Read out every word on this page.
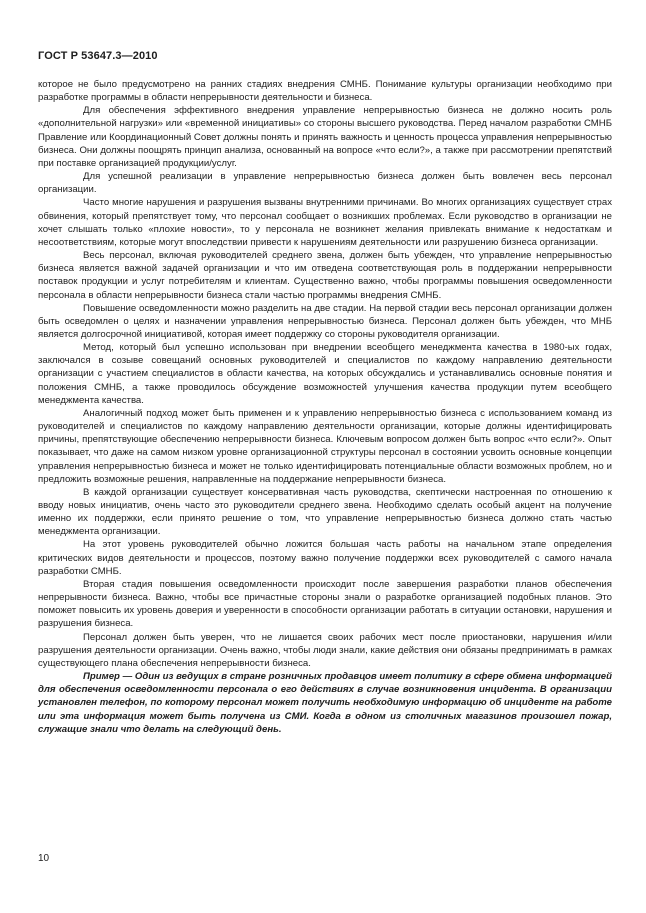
ГОСТ Р 53647.3—2010

которое не было предусмотрено на ранних стадиях внедрения СМНБ. Понимание культуры организации необходимо при разработке программы в области непрерывности деятельности и бизнеса.

Для обеспечения эффективного внедрения управление непрерывностью бизнеса не должно носить роль «дополнительной нагрузки» или «временной инициативы» со стороны высшего руководства. Перед началом разработки СМНБ Правление или Координационный Совет должны понять и принять важность и ценность процесса управления непрерывностью бизнеса. Они должны поощрять принцип анализа, основанный на вопросе «что если?», а также при рассмотрении препятствий при поставке организацией продукции/услуг.

Для успешной реализации в управление непрерывностью бизнеса должен быть вовлечен весь персонал организации.

Часто многие нарушения и разрушения вызваны внутренними причинами. Во многих организациях существует страх обвинения, который препятствует тому, что персонал сообщает о возникших проблемах. Если руководство в организации не хочет слышать только «плохие новости», то у персонала не возникнет желания привлекать внимание к недостаткам и несоответствиям, которые могут впоследствии привести к нарушениям деятельности или разрушению бизнеса организации.

Весь персонал, включая руководителей среднего звена, должен быть убежден, что управление непрерывностью бизнеса является важной задачей организации и что им отведена соответствующая роль в поддержании непрерывности поставок продукции и услуг потребителям и клиентам. Существенно важно, чтобы программы повышения осведомленности персонала в области непрерывности бизнеса стали частью программы внедрения СМНБ.

Повышение осведомленности можно разделить на две стадии. На первой стадии весь персонал организации должен быть осведомлен о целях и назначении управления непрерывностью бизнеса. Персонал должен быть убежден, что МНБ является долгосрочной инициативой, которая имеет поддержку со стороны руководителя организации.

Метод, который был успешно использован при внедрении всеобщего менеджмента качества в 1980-ых годах, заключался в созыве совещаний основных руководителей и специалистов по каждому направлению деятельности организации с участием специалистов в области качества, на которых обсуждались и устанавливались основные понятия и положения СМНБ, а также проводилось обсуждение возможностей улучшения качества продукции путем всеобщего менеджмента качества.

Аналогичный подход может быть применен и к управлению непрерывностью бизнеса с использованием команд из руководителей и специалистов по каждому направлению деятельности организации, которые должны идентифицировать причины, препятствующие обеспечению непрерывности бизнеса. Ключевым вопросом должен быть вопрос «что если?». Опыт показывает, что даже на самом низком уровне организационной структуры персонал в состоянии усвоить основные концепции управления непрерывностью бизнеса и может не только идентифицировать потенциальные области возможных проблем, но и предложить возможные решения, направленные на поддержание непрерывности бизнеса.

В каждой организации существует консервативная часть руководства, скептически настроенная по отношению к вводу новых инициатив, очень часто это руководители среднего звена. Необходимо сделать особый акцент на получение именно их поддержки, если принято решение о том, что управление непрерывностью бизнеса должно стать частью менеджмента организации.

На этот уровень руководителей обычно ложится большая часть работы на начальном этапе определения критических видов деятельности и процессов, поэтому важно получение поддержки всех руководителей с самого начала разработки СМНБ.

Вторая стадия повышения осведомленности происходит после завершения разработки планов обеспечения непрерывности бизнеса. Важно, чтобы все причастные стороны знали о разработке организацией подобных планов. Это поможет повысить их уровень доверия и уверенности в способности организации работать в ситуации остановки, нарушения и разрушения бизнеса.

Персонал должен быть уверен, что не лишается своих рабочих мест после приостановки, нарушения и/или разрушения деятельности организации. Очень важно, чтобы люди знали, какие действия они обязаны предпринимать в рамках существующего плана обеспечения непрерывности бизнеса.

Пример — Один из ведущих в стране розничных продавцов имеет политику в сфере обмена информацией для обеспечения осведомленности персонала о его действиях в случае возникновения инцидента. В организации установлен телефон, по которому персонал может получить необходимую информацию об инциденте на работе или эта информация может быть получена из СМИ. Когда в одном из столичных магазинов произошел пожар, служащие знали что делать на следующий день.

10
